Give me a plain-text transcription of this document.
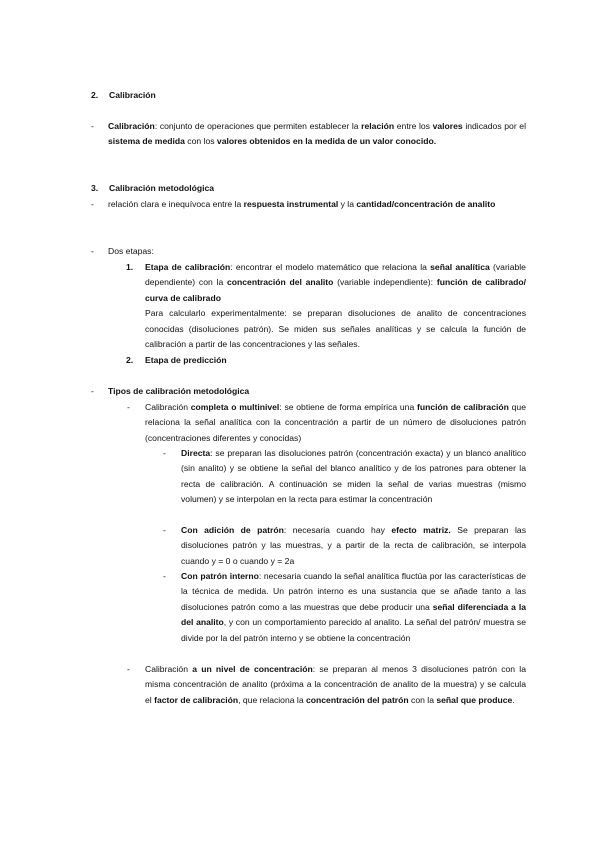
2. Calibración
- Calibración: conjunto de operaciones que permiten establecer la relación entre los valores indicados por el sistema de medida con los valores obtenidos en la medida de un valor conocido.
3. Calibración metodológica
- relación clara e inequívoca entre la respuesta instrumental y la cantidad/concentración de analito
- Dos etapas:
1. Etapa de calibración: encontrar el modelo matemático que relaciona la señal analítica (variable dependiente) con la concentración del analito (variable independiente): función de calibrado/ curva de calibrado

Para calcularlo experimentalmente: se preparan disoluciones de analito de concentraciones conocidas (disoluciones patrón). Se miden sus señales analíticas y se calcula la función de calibración a partir de las concentraciones y las señales.

2. Etapa de predicción
- Tipos de calibración metodológica
- Calibración completa o multinivel: se obtiene de forma empírica una función de calibración que relaciona la señal analítica con la concentración a partir de un número de disoluciones patrón (concentraciones diferentes y conocidas)
- Directa: se preparan las disoluciones patrón (concentración exacta) y un blanco analítico (sin analito) y se obtiene la señal del blanco analítico y de los patrones para obtener la recta de calibración. A continuación se miden la señal de varias muestras (mismo volumen) y se interpolan en la recta para estimar la concentración
- Con adición de patrón: necesaria cuando hay efecto matriz. Se preparan las disoluciones patrón y las muestras, y a partir de la recta de calibración, se interpola cuando y = 0 o cuando y = 2a
- Con patrón interno: necesaria cuando la señal analítica fluctúa por las características de la técnica de medida. Un patrón interno es una sustancia que se añade tanto a las disoluciones patrón como a las muestras que debe producir una señal diferenciada a la del analito, y con un comportamiento parecido al analito. La señal del patrón/ muestra se divide por la del patrón interno y se obtiene la concentración
- Calibración a un nivel de concentración: se preparan al menos 3 disoluciones patrón con la misma concentración de analito (próxima a la concentración de analito de la muestra) y se calcula el factor de calibración, que relaciona la concentración del patrón con la señal que produce.
